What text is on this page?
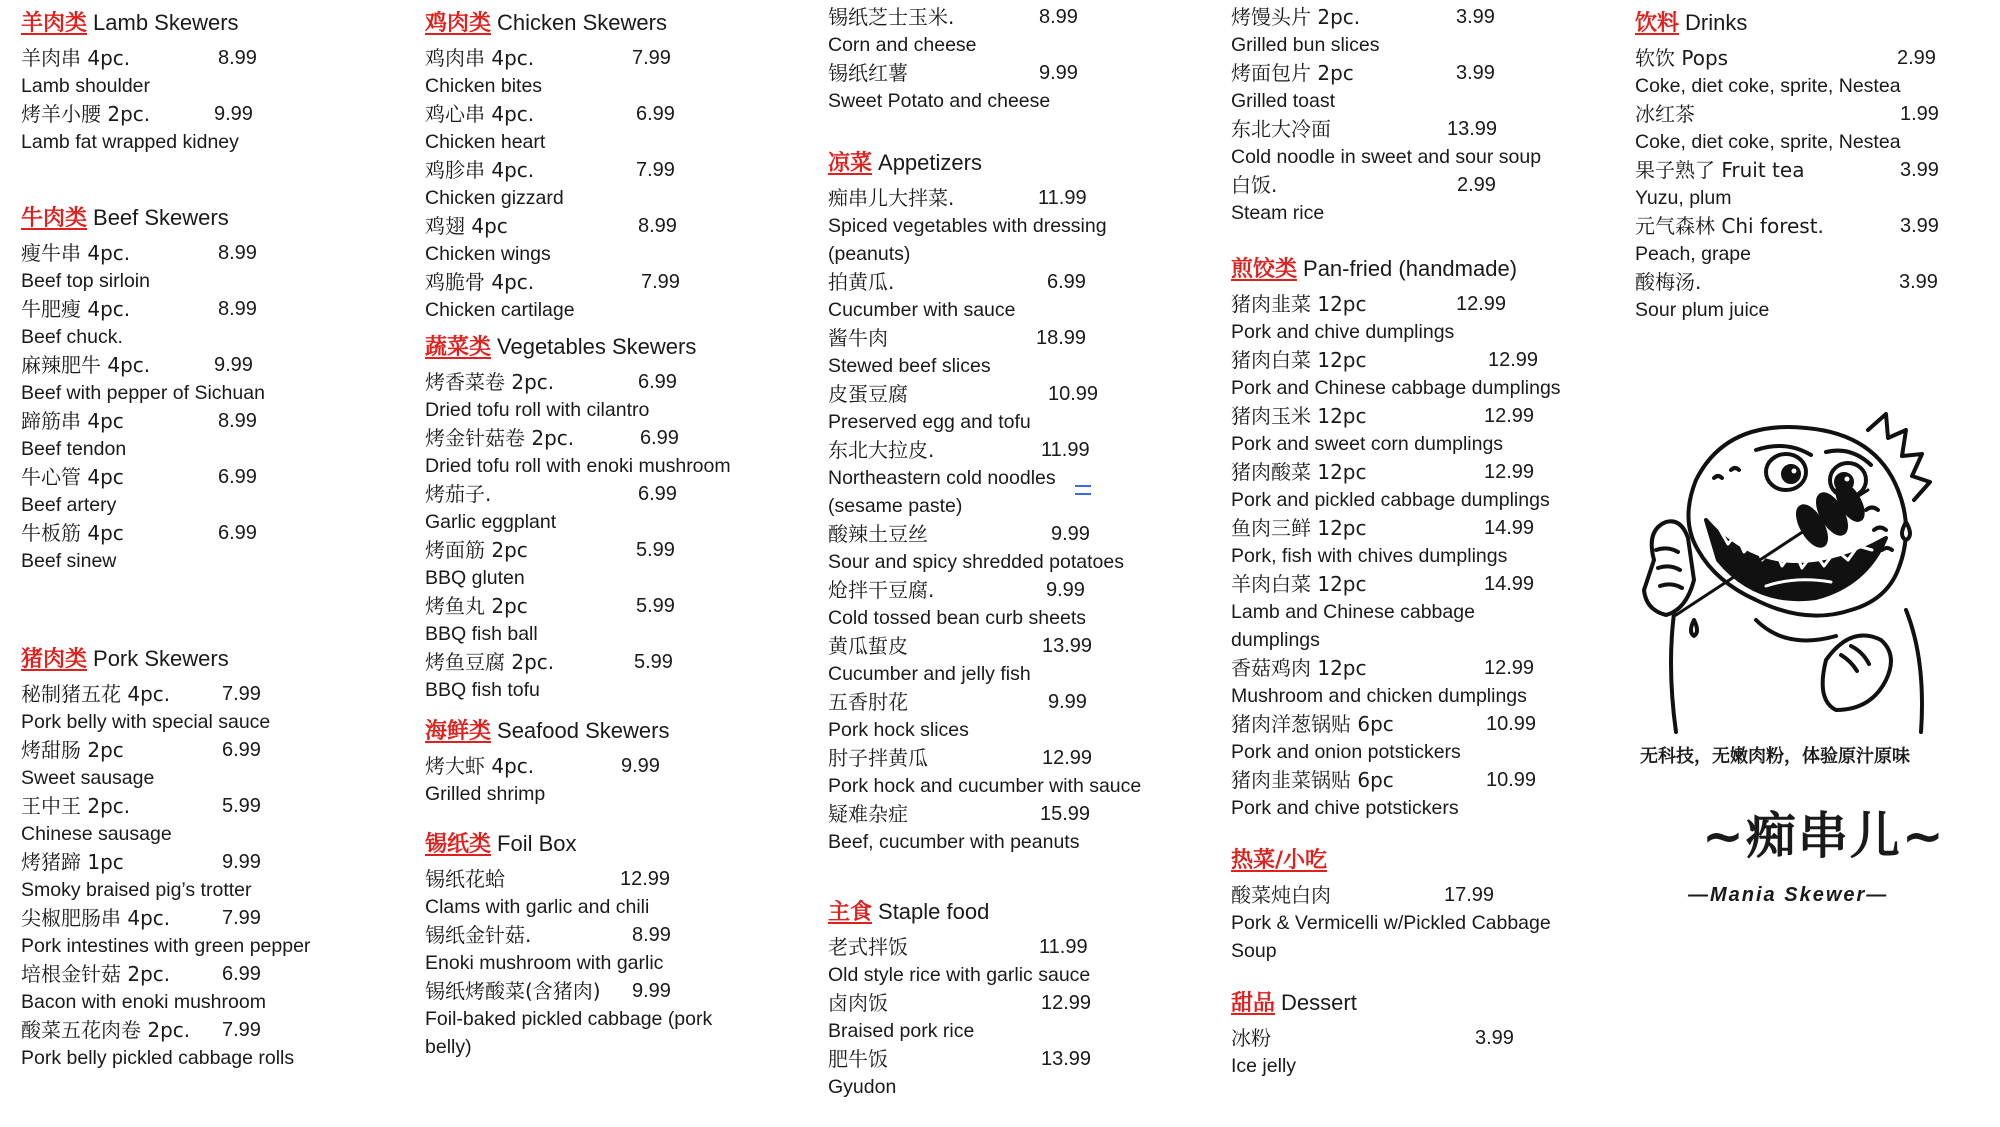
羊肉类 Lamb Skewers
羊肉串 4pc.	8.99
Lamb shoulder
烤羊小腰 2pc.	9.99
Lamb fat wrapped kidney
牛肉类 Beef Skewers
瘦牛串 4pc.	8.99
Beef top sirloin
牛肥瘦 4pc.	8.99
Beef chuck.
麻辣肥牛 4pc.	9.99
Beef with pepper of Sichuan
蹄筋串 4pc	8.99
Beef tendon
牛心管 4pc	6.99
Beef artery
牛板筋 4pc	6.99
Beef sinew
猪肉类 Pork Skewers
秘制猪五花 4pc.	7.99
Pork belly with special sauce
烤甜肠 2pc	6.99
Sweet sausage
王中王 2pc.	5.99
Chinese sausage
烤猪蹄 1pc	9.99
Smoky braised pig’s trotter
尖椒肥肠串 4pc.	7.99
Pork intestines with green pepper
培根金针菇 2pc.	6.99
Bacon with enoki mushroom
酸菜五花肉卷 2pc. 7.99
Pork belly pickled cabbage rolls
鸡肉类 Chicken Skewers
鸡肉串 4pc.	7.99
Chicken bites
鸡心串 4pc.	6.99
Chicken heart
鸡胗串 4pc.	7.99
Chicken gizzard
鸡翅 4pc	8.99
Chicken wings
鸡脆骨 4pc.	7.99
Chicken cartilage
蔬菜类 Vegetables Skewers
烤香菜卷 2pc.	6.99
Dried tofu roll with cilantro
烤金针菇卷 2pc.	6.99
Dried tofu roll with enoki mushroom
烤茄子.	6.99
Garlic eggplant
烤面筋 2pc	5.99
BBQ gluten
烤鱼丸 2pc	5.99
BBQ fish ball
烤鱼豆腐 2pc.	5.99
BBQ fish tofu
海鲜类 Seafood Skewers
烤大虾 4pc.	9.99
Grilled shrimp
锡纸类 Foil Box
锡纸花蛤	12.99
Clams with garlic and chili
锡纸金针菇.	8.99
Enoki mushroom with garlic
锡纸烤酸菜(含猪肉) 9.99
Foil-baked pickled cabbage (pork belly)
锡纸芝士玉米.	8.99
Corn and cheese
锡纸红薯	9.99
Sweet Potato and cheese
凉菜 Appetizers
痴串儿大拌菜.	11.99
Spiced vegetables with dressing (peanuts)
拍黄瓜.	6.99
Cucumber with sauce
酱牛肉	18.99
Stewed beef slices
皮蛋豆腐	10.99
Preserved egg and tofu
东北大拉皮.	11.99
Northeastern cold noodles (sesame paste)
酸辣土豆丝	9.99
Sour and spicy shredded potatoes
炝拌干豆腐.	9.99
Cold tossed bean curb sheets
黄瓜蜇皮	13.99
Cucumber and jelly fish
五香肘花	9.99
Pork hock slices
肘子拌黄瓜	12.99
Pork hock and cucumber with sauce
疑难杂症	15.99
Beef, cucumber with peanuts
主食 Staple food
老式拌饭	11.99
Old style rice with garlic sauce
卤肉饭	12.99
Braised pork rice
肥牛饭	13.99
Gyudon
烤馒头片 2pc.	3.99
Grilled bun slices
烤面包片 2pc	3.99
Grilled toast
东北大冷面	13.99
Cold noodle in sweet and sour soup
白饭.	2.99
Steam rice
煎饺类 Pan-fried (handmade)
猪肉韭菜 12pc	12.99
Pork and chive dumplings
猪肉白菜 12pc	12.99
Pork and Chinese cabbage dumplings
猪肉玉米 12pc	12.99
Pork and sweet corn dumplings
猪肉酸菜 12pc	12.99
Pork and pickled cabbage dumplings
鱼肉三鲜 12pc	14.99
Pork, fish with chives dumplings
羊肉白菜 12pc	14.99
Lamb and Chinese cabbage dumplings
香菇鸡肉 12pc	12.99
Mushroom and chicken dumplings
猪肉洋葱锅贴 6pc	10.99
Pork and onion potstickers
猪肉韭菜锅贴 6pc	10.99
Pork and chive potstickers
热菜/小吃
酸菜炖白肉	17.99
Pork & Vermicelli w/Pickled Cabbage Soup
甜品 Dessert
冰粉	3.99
Ice jelly
饮料 Drinks
软饮 Pops	2.99
Coke, diet coke, sprite, Nestea
冰红茶	1.99
Coke, diet coke, sprite, Nestea
果子熟了 Fruit tea	3.99
Yuzu, plum
元气森林 Chi forest.	3.99
Peach, grape
酸梅汤.	3.99
Sour plum juice
无科技，无嫩肉粉，体验原汁原味
~痴串儿~
—Mania Skewer—
